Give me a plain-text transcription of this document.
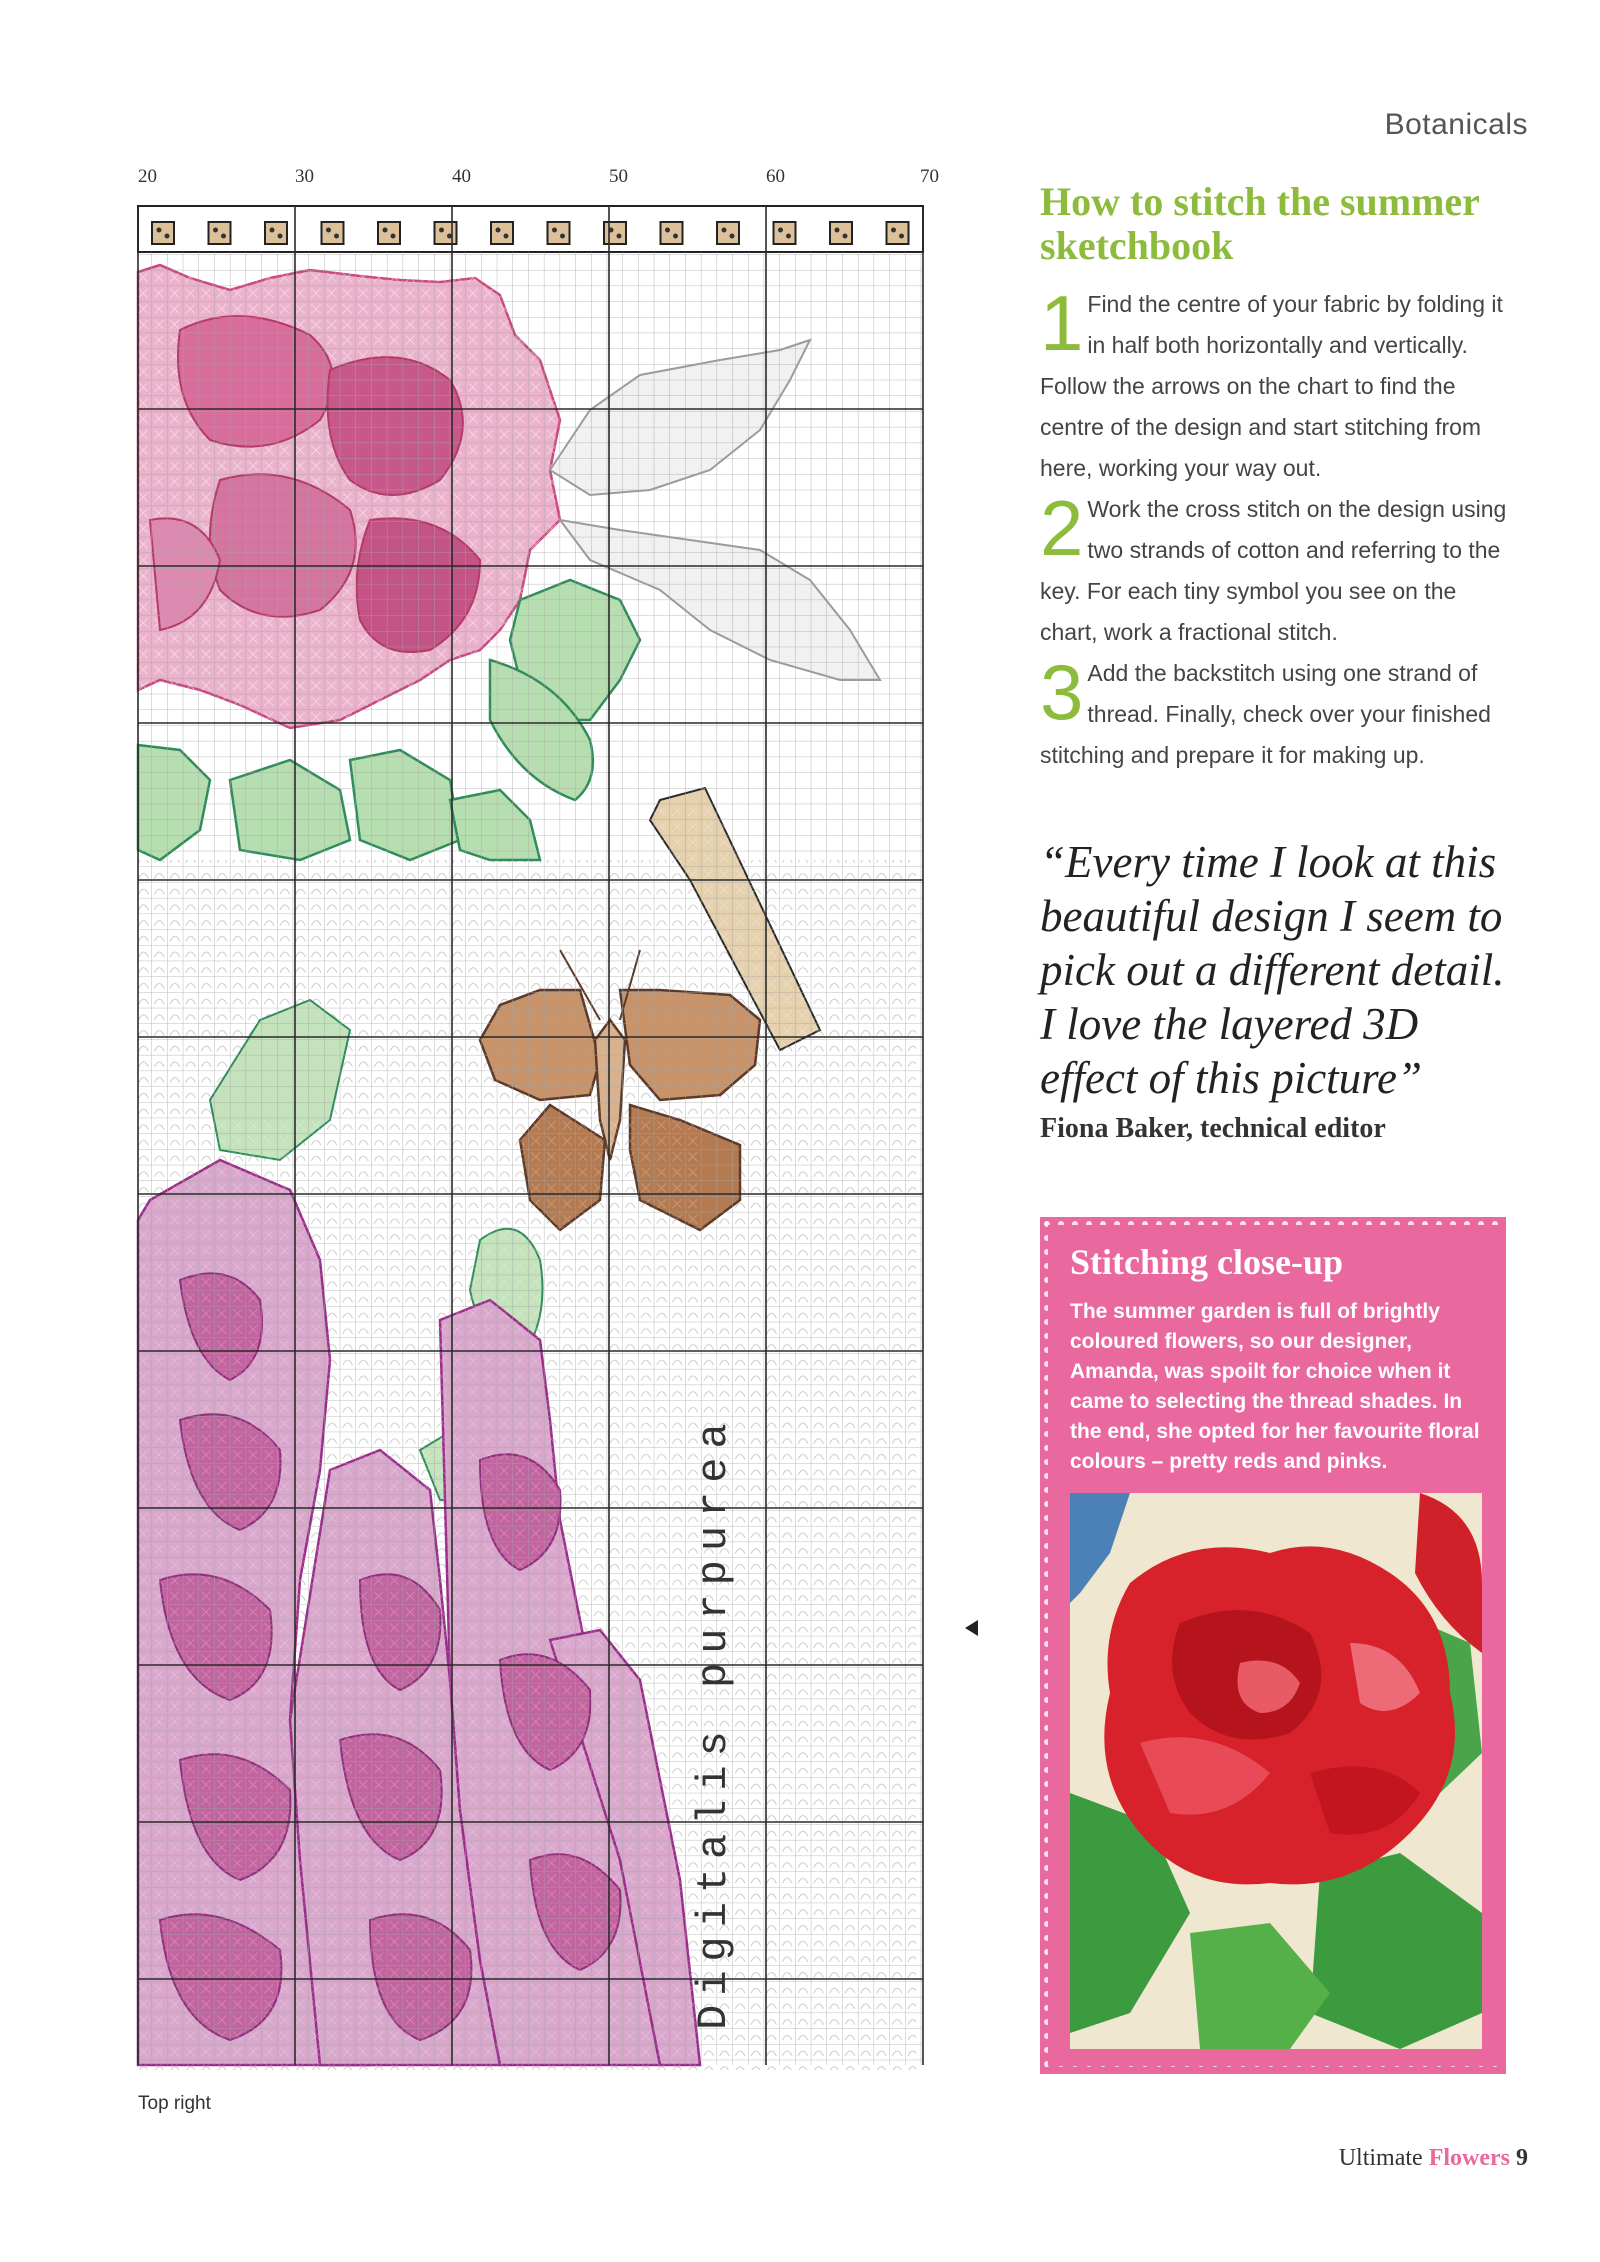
Botanicals
20	30	40	50	60	70
Digitalis purpurea
Top right
How to stitch the summer sketchbook

1 Find the centre of your fabric by folding it in half both horizontally and vertically. Follow the arrows on the chart to find the centre of the design and start stitching from here, working your way out.

2 Work the cross stitch on the design using two strands of cotton and referring to the key. For each tiny symbol you see on the chart, work a fractional stitch.

3 Add the backstitch using one strand of thread. Finally, check over your finished stitching and prepare it for making up.

“Every time I look at this beautiful design I seem to pick out a different detail. I love the layered 3D effect of this picture”

Fiona Baker, technical editor
Stitching close-up

The summer garden is full of brightly coloured flowers, so our designer, Amanda, was spoilt for choice when it came to selecting the thread shades. In the end, she opted for her favourite floral colours – pretty reds and pinks.

Ultimate Flowers 9
